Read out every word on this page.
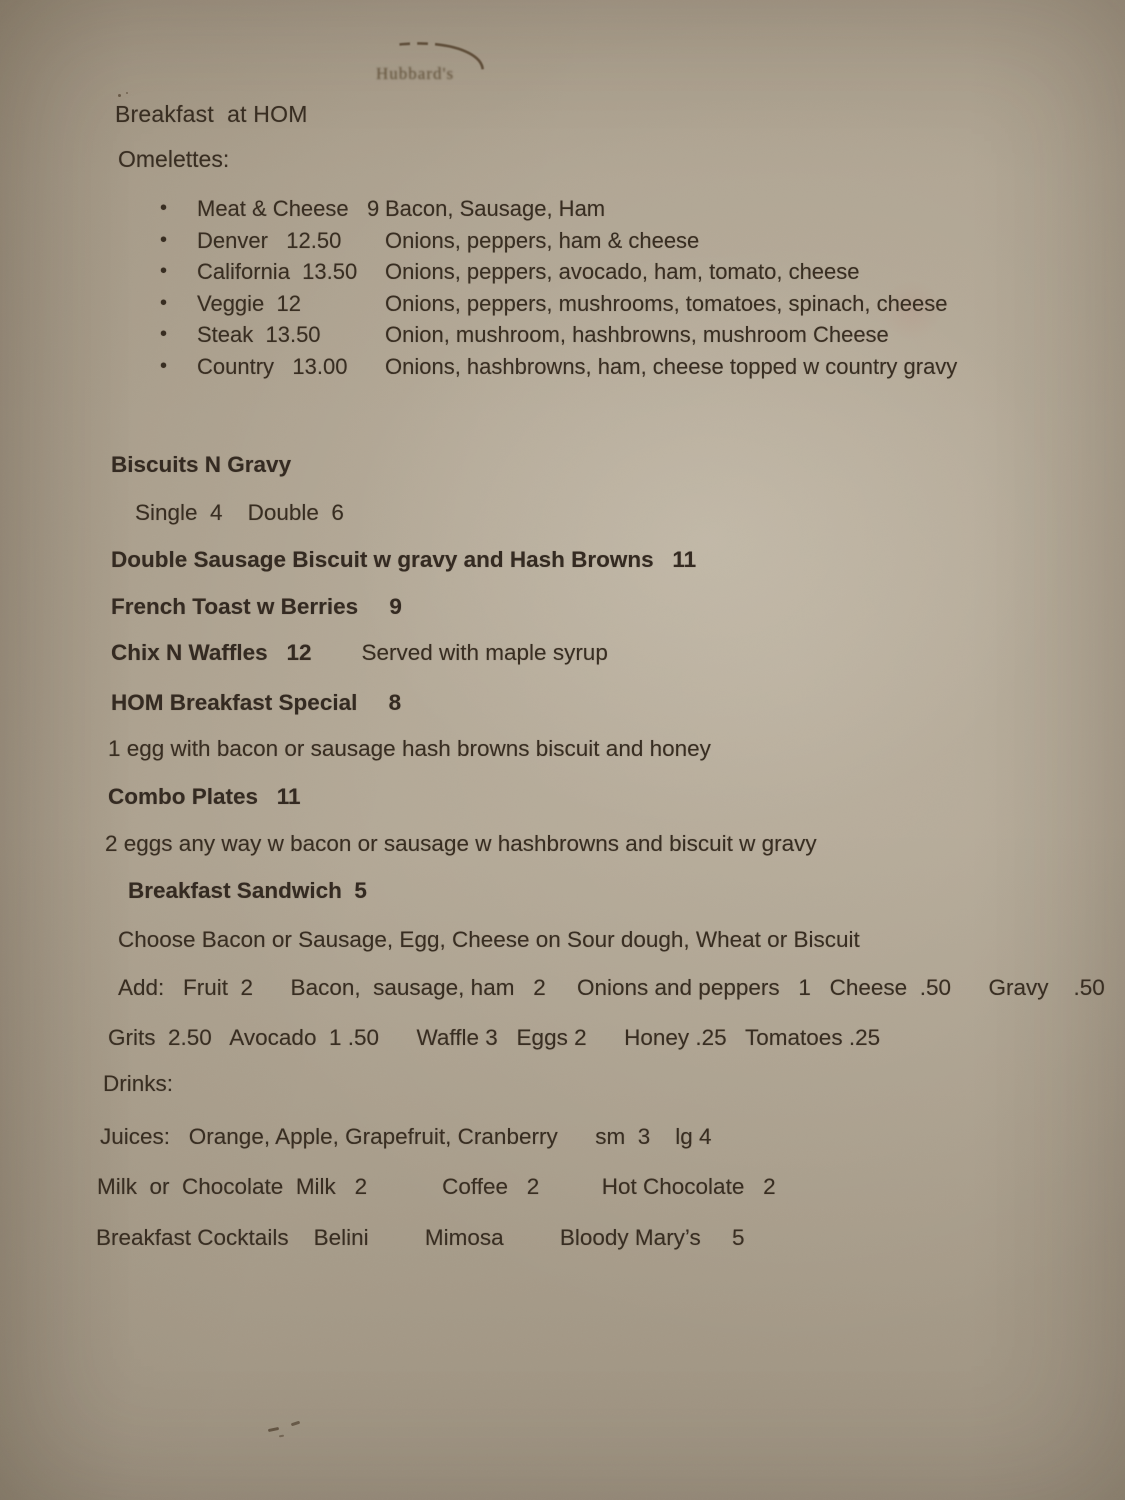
Hubbard's
Breakfast  at HOM
Omelettes:
•	Meat & Cheese   9 Bacon, Sausage, Ham
•	Denver   12.50	Onions, peppers, ham & cheese
•	California  13.50	Onions, peppers, avocado, ham, tomato, cheese
•	Veggie  12	Onions, peppers, mushrooms, tomatoes, spinach, cheese
•	Steak  13.50	Onion, mushroom, hashbrowns, mushroom Cheese
•	Country   13.00	Onions, hashbrowns, ham, cheese topped w country gravy
Biscuits N Gravy
Single  4    Double  6
Double Sausage Biscuit w gravy and Hash Browns   11
French Toast w Berries     9
Chix N Waffles   12        Served with maple syrup
HOM Breakfast Special     8
1 egg with bacon or sausage hash browns biscuit and honey
Combo Plates   11
2 eggs any way w bacon or sausage w hashbrowns and biscuit w gravy
Breakfast Sandwich  5
Choose Bacon or Sausage, Egg, Cheese on Sour dough, Wheat or Biscuit
Add:   Fruit  2      Bacon,  sausage, ham   2     Onions and peppers   1   Cheese  .50      Gravy    .50
Grits  2.50   Avocado  1 .50      Waffle 3   Eggs 2      Honey .25   Tomatoes .25
Drinks:
Juices:   Orange, Apple, Grapefruit, Cranberry      sm  3    lg 4
Milk  or  Chocolate  Milk   2            Coffee   2          Hot Chocolate   2
Breakfast Cocktails    Belini         Mimosa         Bloody Mary’s     5
